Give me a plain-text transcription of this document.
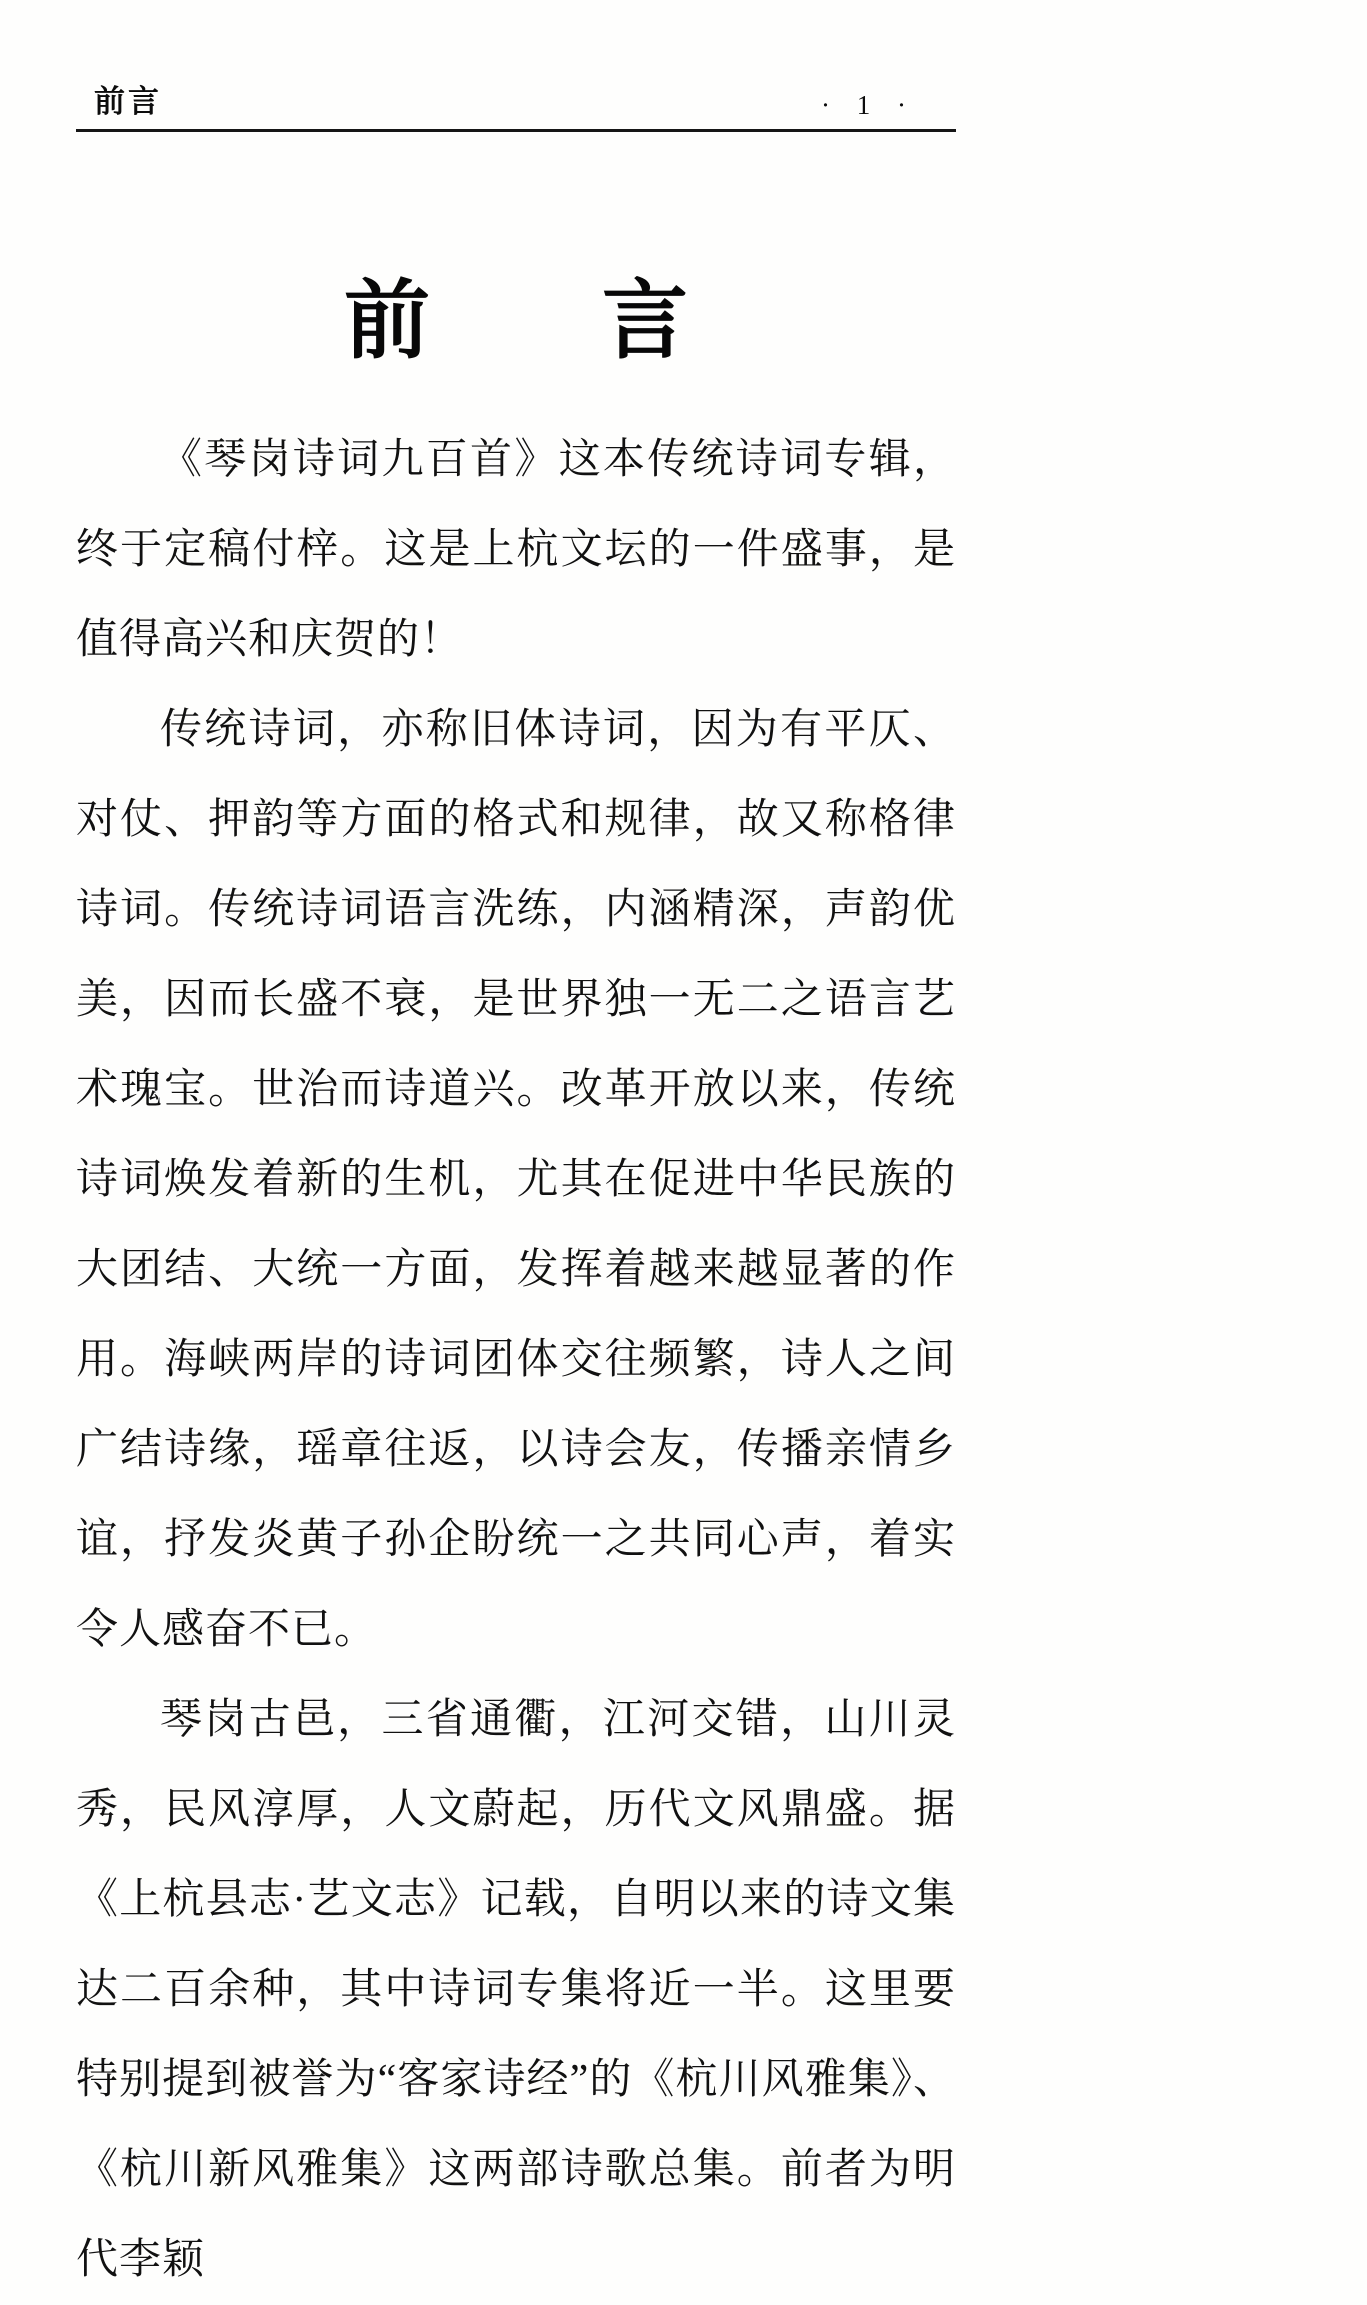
前言	· 1 ·
前　　言

《琴岗诗词九百首》这本传统诗词专辑，终于定稿付梓。这是上杭文坛的一件盛事，是值得高兴和庆贺的！

传统诗词，亦称旧体诗词，因为有平仄、对仗、押韵等方面的格式和规律，故又称格律诗词。传统诗词语言洗练，内涵精深，声韵优美，因而长盛不衰，是世界独一无二之语言艺术瑰宝。世治而诗道兴。改革开放以来，传统诗词焕发着新的生机，尤其在促进中华民族的大团结、大统一方面，发挥着越来越显著的作用。海峡两岸的诗词团体交往频繁，诗人之间广结诗缘，瑶章往返，以诗会友，传播亲情乡谊，抒发炎黄子孙企盼统一之共同心声，着实令人感奋不已。

琴岗古邑，三省通衢，江河交错，山川灵秀，民风淳厚，人文蔚起，历代文风鼎盛。据《上杭县志·艺文志》记载，自明以来的诗文集达二百余种，其中诗词专集将近一半。这里要特别提到被誉为“客家诗经”的《杭川风雅集》、《杭川新风雅集》这两部诗歌总集。前者为明代李颖
